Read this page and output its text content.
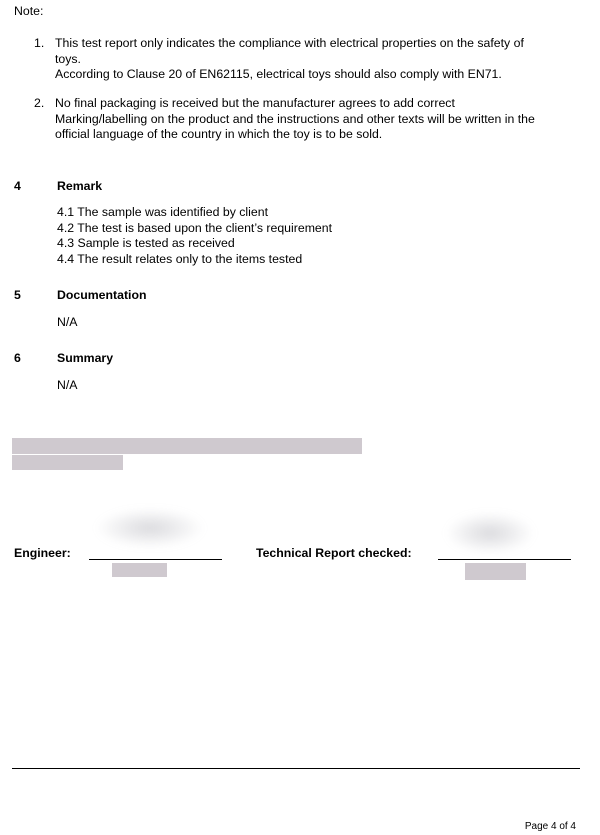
Note:
1. This test report only indicates the compliance with electrical properties on the safety of
toys.
According to Clause 20 of EN62115, electrical toys should also comply with EN71.
2. No final packaging is received but the manufacturer agrees to add correct
Marking/labelling on the product and the instructions and other texts will be written in the
official language of the country in which the toy is to be sold.
4	Remark
4.1 The sample was identified by client
4.2 The test is based upon the client’s requirement
4.3 Sample is tested as received
4.4 The result relates only to the items tested
5	Documentation
N/A
6	Summary
N/A
Engineer:	Technical Report checked:
Page 4 of 4
